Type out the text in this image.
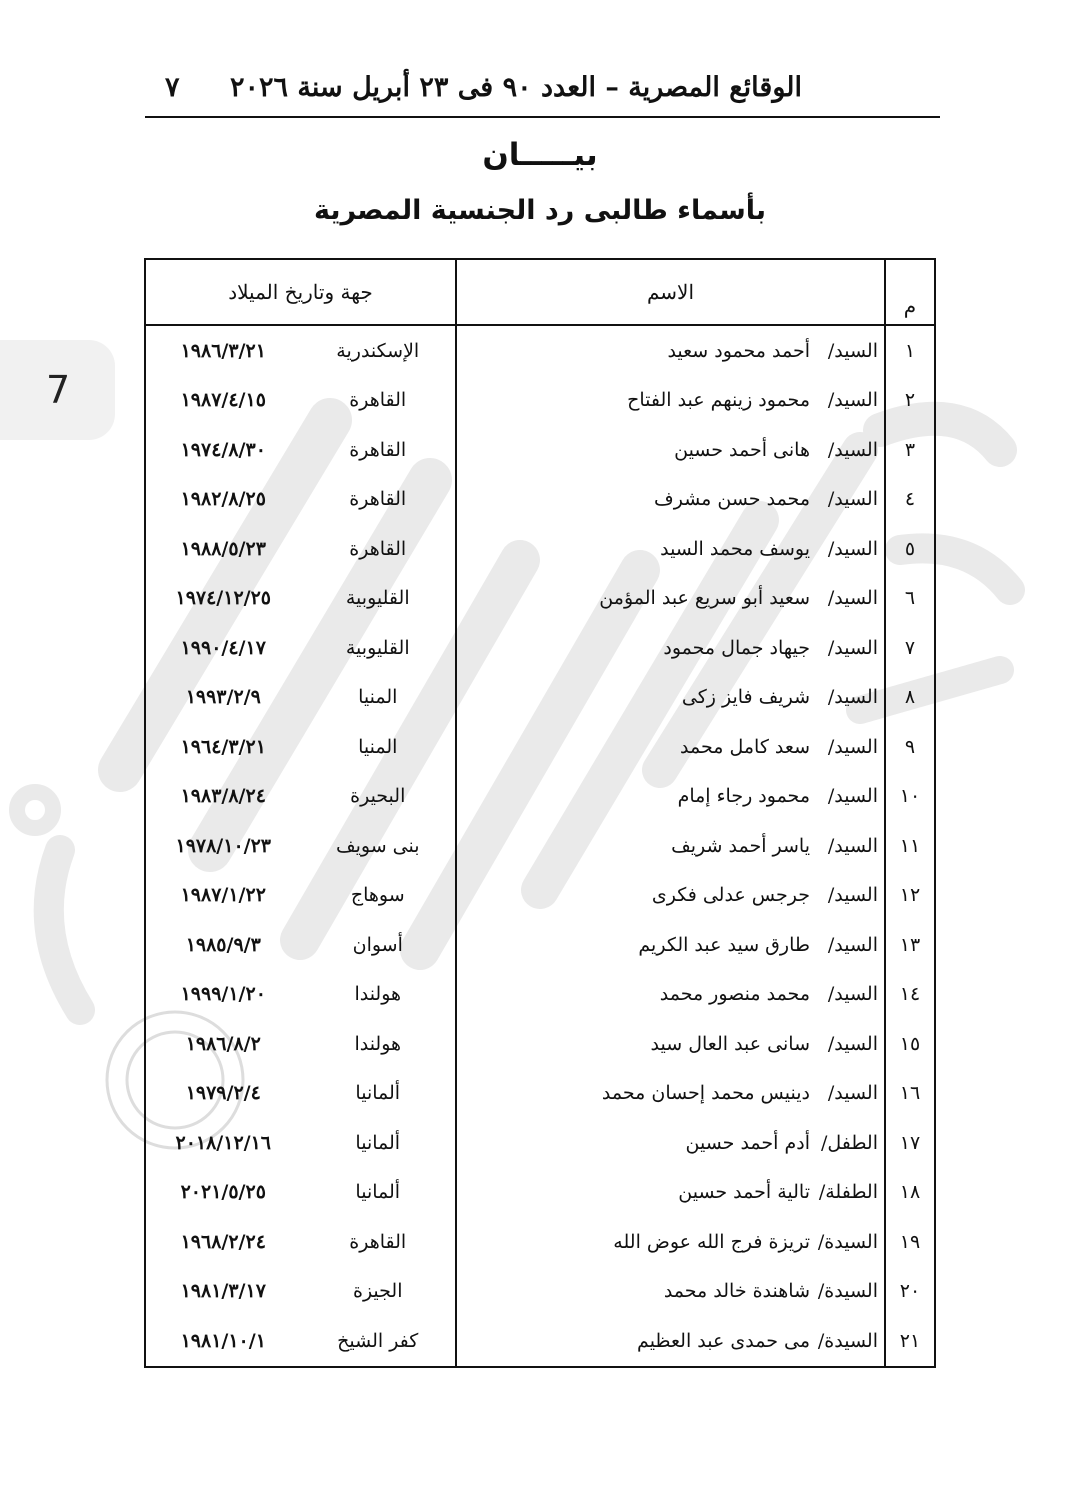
الوقائع المصرية – العدد ٩٠ فى ٢٣ أبريل سنة ٢٠٢٦
٧
7
بيـــــان
بأسماء طالبى رد الجنسية المصرية
م	الاسم	جهة وتاريخ الميلاد	
١	السيد/أحمد محمود سعيد	الإسكندرية	١٩٨٦/٣/٢١
٢	السيد/محمود زينهم عبد الفتاح	القاهرة	١٩٨٧/٤/١٥
٣	السيد/هانى أحمد حسين	القاهرة	١٩٧٤/٨/٣٠
٤	السيد/محمد حسن مشرف	القاهرة	١٩٨٢/٨/٢٥
٥	السيد/يوسف محمد السيد	القاهرة	١٩٨٨/٥/٢٣
٦	السيد/سعيد أبو سريع عبد المؤمن	القليوبية	١٩٧٤/١٢/٢٥
٧	السيد/جيهاد جمال محمود	القليوبية	١٩٩٠/٤/١٧
٨	السيد/شريف فايز زكى	المنيا	١٩٩٣/٢/٩
٩	السيد/سعد كامل محمد	المنيا	١٩٦٤/٣/٢١
١٠	السيد/محمود رجاء إمام	البحيرة	١٩٨٣/٨/٢٤
١١	السيد/ياسر أحمد شريف	بنى سويف	١٩٧٨/١٠/٢٣
١٢	السيد/جرجس عدلى فكرى	سوهاج	١٩٨٧/١/٢٢
١٣	السيد/طارق سيد عبد الكريم	أسوان	١٩٨٥/٩/٣
١٤	السيد/محمد منصور محمد	هولندا	١٩٩٩/١/٢٠
١٥	السيد/سانى عبد العال سيد	هولندا	١٩٨٦/٨/٢
١٦	السيد/دينيس محمد إحسان محمد	ألمانيا	١٩٧٩/٢/٤
١٧	الطفل/أدم أحمد حسين	ألمانيا	٢٠١٨/١٢/١٦
١٨	الطفلة/تالية أحمد حسين	ألمانيا	٢٠٢١/٥/٢٥
١٩	السيدة/تريزة فرج الله عوض الله	القاهرة	١٩٦٨/٢/٢٤
٢٠	السيدة/شاهندة خالد محمد	الجيزة	١٩٨١/٣/١٧
٢١	السيدة/مى حمدى عبد العظيم	كفر الشيخ	١٩٨١/١٠/١
